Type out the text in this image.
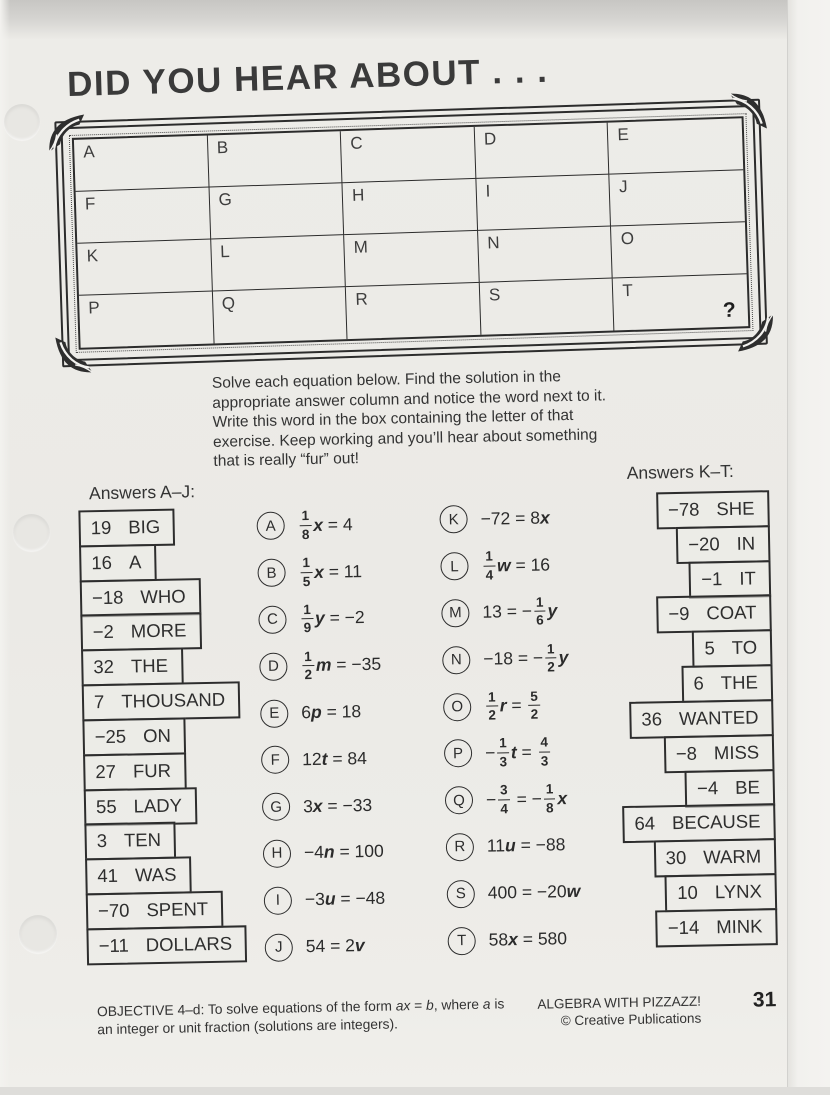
DID YOU HEAR ABOUT . . .
A	B	C	D	E
F	G	H	I	J
K	L	M	N	O
P	Q	R	S	T
?

Solve each equation below. Find the solution in the
appropriate answer column and notice the word next to it.
Write this word in the box containing the letter of that
exercise. Keep working and you’ll hear about something
that is really “fur” out!

Answers A–J:
19 BIG
16 A
−18 WHO
−2 MORE
32 THE
7 THOUSAND
−25 ON
27 FUR
55 LADY
3 TEN
41 WAS
−70 SPENT
−11 DOLLARS
A	$\frac{1}{8}$ x = 4
B	$\frac{1}{5}$ x = 11
C	$\frac{1}{9}$ y = −2
D	$\frac{1}{2}$ m = −35
E	6 p = 18
F	12 t = 84
G	3 x = −33
H	−4 n = 100
I	−3 u = −48
J	54 = 2 v
K	−72 = 8 x
L	$\frac{1}{4}$ w = 16
M	13 = − $\frac{1}{6}$ y
N	−18 = − $\frac{1}{2}$ y
O	$\frac{1}{2}$ $r = \frac{5}{2}$
P	− $\frac{1}{3}$ $t = \frac{4}{3}$
Q	− $\frac{3}{4}$ = − $\frac{1}{8}$ x
R	11 u = −88
S	400 = −20 w
T	58 x = 580
Answers K–T:
−78 SHE
−20 IN
−1 IT
−9 COAT
5 TO
6 THE
36 WANTED
−8 MISS
−4 BE
64 BECAUSE
30 WARM
10 LYNX
−14 MINK
OBJECTIVE 4–d: To solve equations of the form ax = b, where a is
an integer or unit fraction (solutions are integers).
ALGEBRA WITH PIZZAZZ!
© Creative Publications
31
